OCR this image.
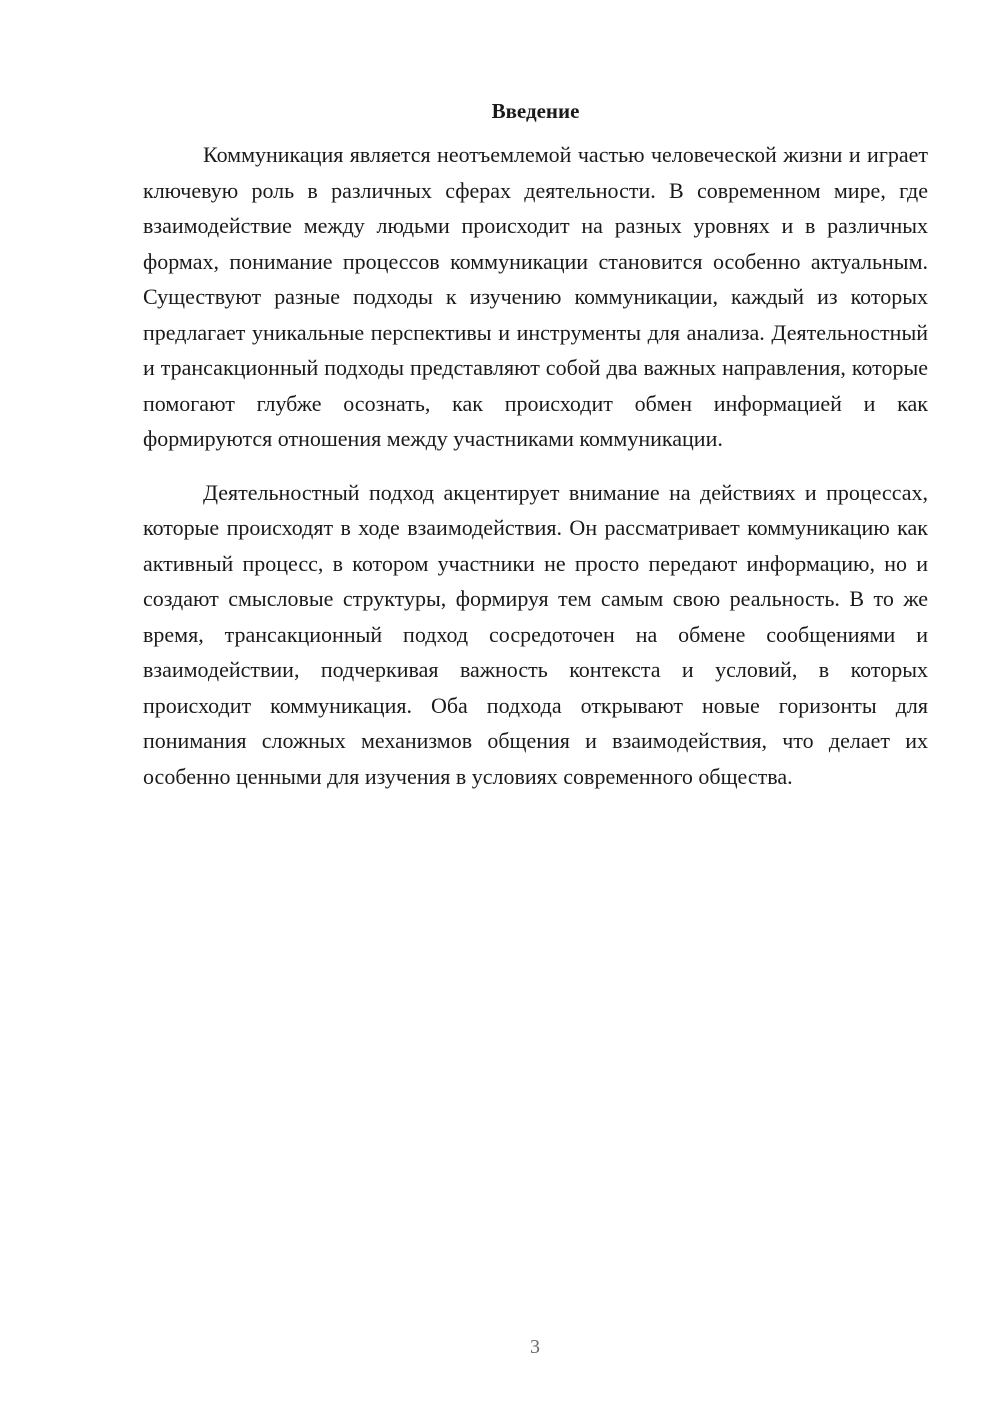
Введение

Коммуникация является неотъемлемой частью человеческой жизни и играет ключевую роль в различных сферах деятельности. В современном мире, где взаимодействие между людьми происходит на разных уровнях и в различных формах, понимание процессов коммуникации становится особенно актуальным. Существуют разные подходы к изучению коммуникации, каждый из которых предлагает уникальные перспективы и инструменты для анализа. Деятельностный и трансакционный подходы представляют собой два важных направления, которые помогают глубже осознать, как происходит обмен информацией и как формируются отношения между участниками коммуникации.

Деятельностный подход акцентирует внимание на действиях и процессах, которые происходят в ходе взаимодействия. Он рассматривает коммуникацию как активный процесс, в котором участники не просто передают информацию, но и создают смысловые структуры, формируя тем самым свою реальность. В то же время, трансакционный подход сосредоточен на обмене сообщениями и взаимодействии, подчеркивая важность контекста и условий, в которых происходит коммуникация. Оба подхода открывают новые горизонты для понимания сложных механизмов общения и взаимодействия, что делает их особенно ценными для изучения в условиях современного общества.

3
